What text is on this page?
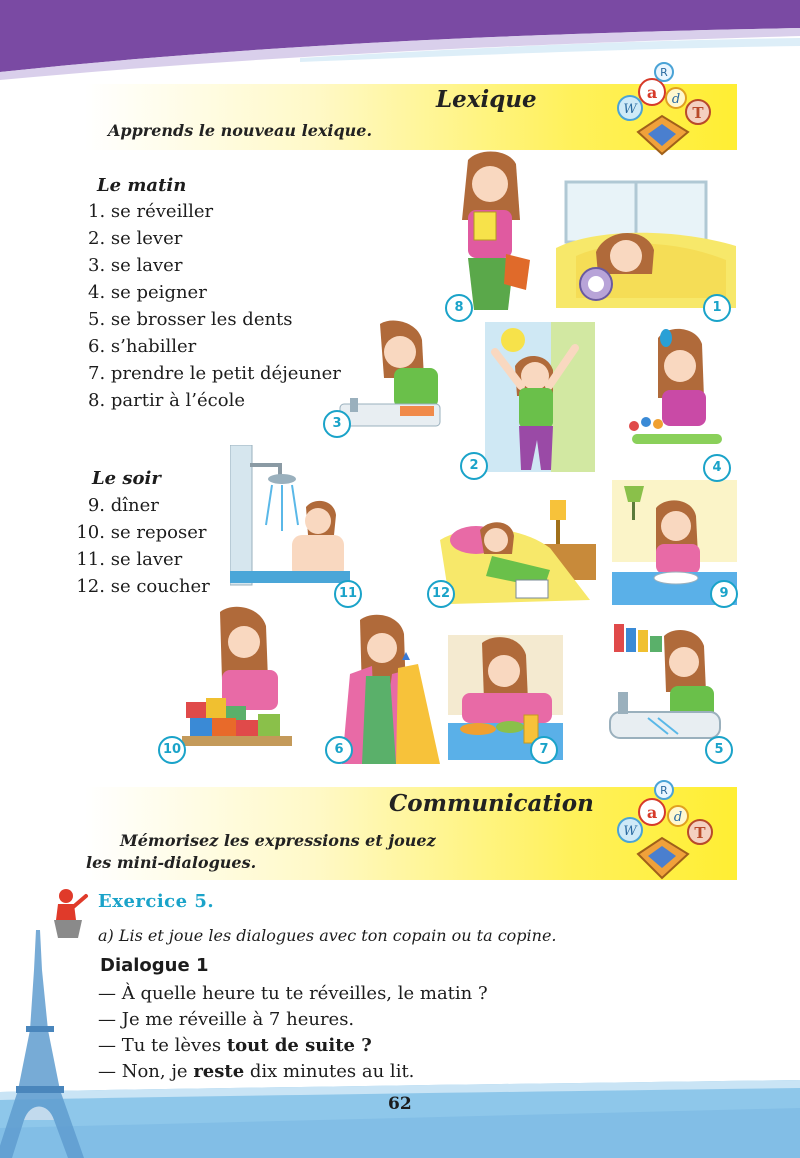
Lexique
Apprends le nouveau lexique.
W
a
R
d
T
Le matin
1. se réveiller
2. se lever
3. se laver
4. se peigner
5. se brosser les dents
6. s’habiller
7. prendre le petit déjeuner
8. partir à l’école
Le soir
9. dîner
10. se reposer
11. se laver
12. se coucher
8	1
3
2	4
11	12	9
10	6	7	5
Communication
Mémorisez les expressions et jouez
les mini-dialogues.
W
a
R
d
T
Exercice 5.
a) Lis et joue les dialogues avec ton copain ou ta copine.
Dialogue 1
— À quelle heure tu te réveilles, le matin ?
— Je me réveille à 7 heures.
— Tu te lèves tout de suite ?
— Non, je reste dix minutes au lit.
62
